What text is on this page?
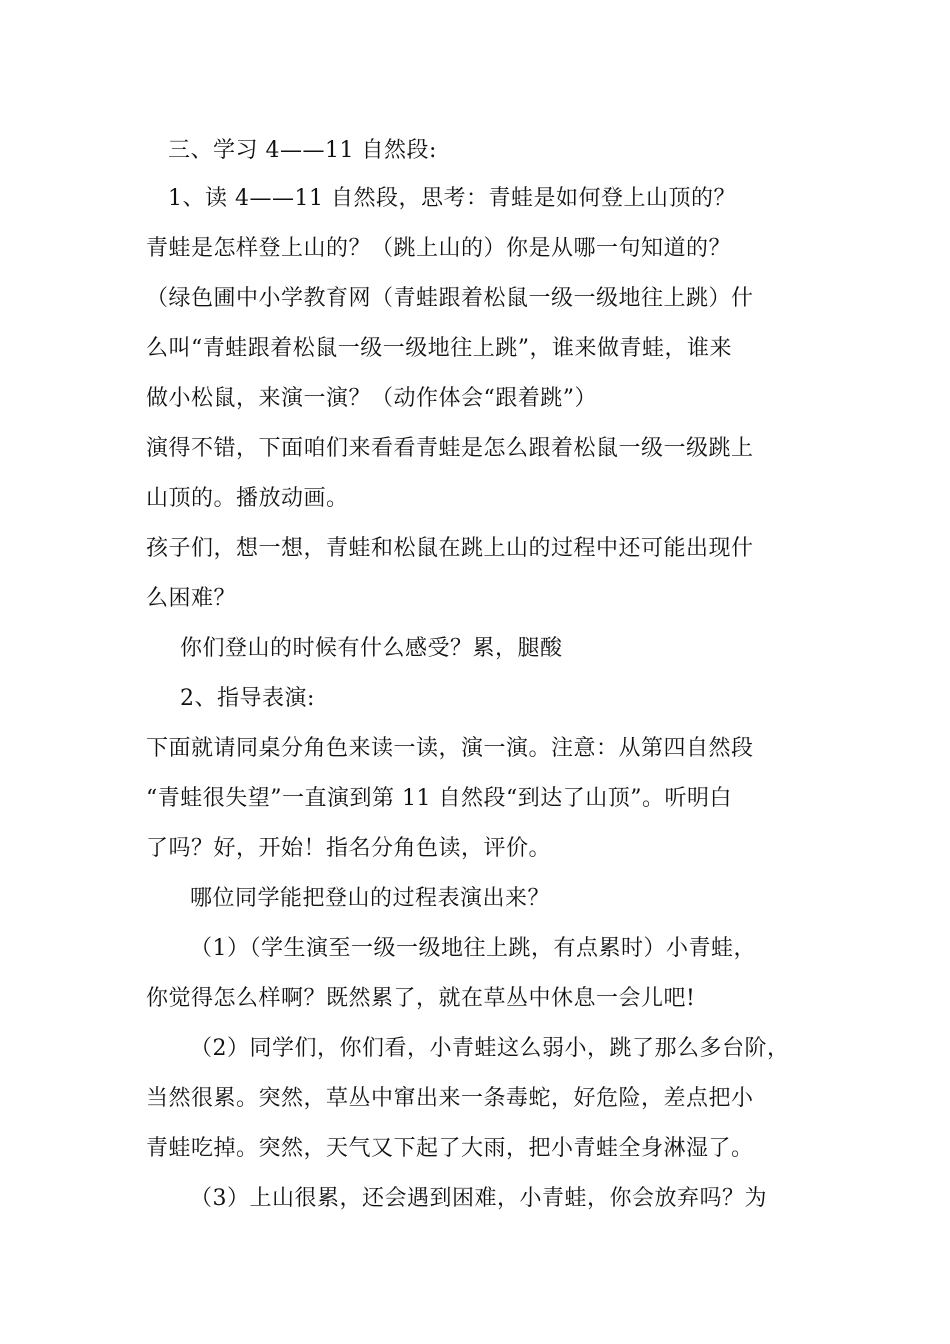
三、学习 4——11 自然段:
1、读 4——11 自然段，思考：青蛙是如何登上山顶的？
青蛙是怎样登上山的？（跳上山的）你是从哪一句知道的？
（绿色圃中小学教育网（青蛙跟着松鼠一级一级地往上跳）什
么叫“青蛙跟着松鼠一级一级地往上跳”，谁来做青蛙，谁来
做小松鼠，来演一演？（动作体会“跟着跳”）
演得不错，下面咱们来看看青蛙是怎么跟着松鼠一级一级跳上
山顶的。播放动画。
孩子们，想一想，青蛙和松鼠在跳上山的过程中还可能出现什
么困难？
你们登山的时候有什么感受？累，腿酸
2、指导表演:
下面就请同桌分角色来读一读，演一演。注意：从第四自然段
“青蛙很失望”一直演到第 11 自然段“到达了山顶”。听明白
了吗？好，开始！指名分角色读，评价。
哪位同学能把登山的过程表演出来？
（1）（学生演至一级一级地往上跳，有点累时）小青蛙，
你觉得怎么样啊？既然累了，就在草丛中休息一会儿吧!
（2）同学们，你们看，小青蛙这么弱小，跳了那么多台阶，
当然很累。突然，草丛中窜出来一条毒蛇，好危险，差点把小
青蛙吃掉。突然，天气又下起了大雨，把小青蛙全身淋湿了。
（3）上山很累，还会遇到困难，小青蛙，你会放弃吗？为
